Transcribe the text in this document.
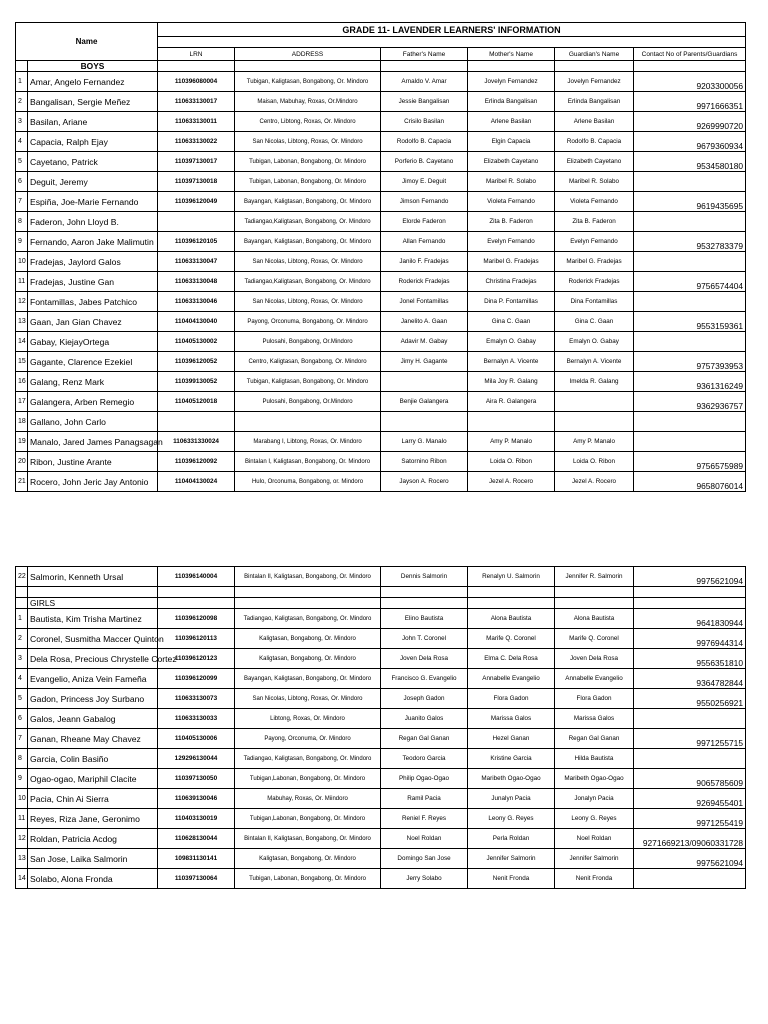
Name		GRADE 11- LAVENDER LEARNERS' INFORMATION					

		LRN	ADDRESS	Father's Name	Mother's Name	Guardian's Name	Contact No of Parents/Guardians
	BOYS						
1	Amar, Angelo Fernandez	110396080004	Tubigan, Kaligtasan, Bongabong, Or. Mindoro	Arnaldo V. Amar	Jovelyn Fernandez	Jovelyn Fernandez	9203300056
2	Bangalisan, Sergie Meñez	110633130017	Maisan, Mabuhay, Roxas, Or.Mindoro	Jessie Bangalisan	Erlinda Bangalisan	Erlinda Bangalisan	9971666351
3	Basilan, Ariane	110633130011	Centro, Libtong, Roxas, Or. Mindoro	Crisilo Basilan	Arlene Basilan	Arlene Basilan	9269990720
4	Capacia, Ralph Ejay	110633130022	San Nicolas, Libtong, Roxas, Or. Mindoro	Rodolfo B. Capacia	Elgin Capacia	Rodolfo B. Capacia	9679360934
5	Cayetano, Patrick	110397130017	Tubigan, Labonan, Bongabong, Or. Mindoro	Porferio B. Cayetano	Elizabeth Cayetano	Elizabeth Cayetano	9534580180
6	Deguit, Jeremy	110397130018	Tubigan, Labonan, Bongabong, Or. Mindoro	Jimoy E. Deguit	Maribel R. Solabo	Maribel R. Solabo	
7	Espiña, Joe-Marie Fernando	110396120049	Bayangan, Kaligtasan, Bongabong, Or. Mindoro	Jimson Fernando	Violeta Fernando	Violeta Fernando	9619435695
8	Faderon, John Lloyd B.		Tadiangao,Kaligtasan, Bongabong, Or. Mindoro	Elorde Faderon	Zita B. Faderon	Zita B. Faderon	
9	Fernando, Aaron Jake Malimutin	110396120105	Bayangan, Kaligtasan, Bongabong, Or. Mindoro	Allan Fernando	Evelyn Fernando	Evelyn Fernando	9532783379
10	Fradejas, Jaylord Galos	110633130047	San Nicolas, Libtong, Roxas, Or. Mindoro	Janilo F. Fradejas	Maribel G. Fradejas	Maribel G. Fradejas	
11	Fradejas, Justine Gan	110633130048	Tadiangao,Kaligtasan, Bongabong, Or. Mindoro	Roderick Fradejas	Christina Fradejas	Roderick Fradejas	9756574404
12	Fontamillas, Jabes Patchico	110633130046	San Nicolas, Libtong, Roxas, Or. Mindoro	Jonel Fontamillas	Dina P. Fontamillas	Dina Fontamillas	
13	Gaan, Jan Gian Chavez	110404130040	Payong, Orconuma, Bongabong, Or. Mindoro	Janelito A. Gaan	Gina C. Gaan	Gina C. Gaan	9553159361
14	Gabay, KiejayOrtega	110405130002	Pulosahi, Bongabong, Or.Mindoro	Adavir M. Gabay	Emalyn O. Gabay	Emalyn O. Gabay	
15	Gagante, Clarence Ezekiel	110396120052	Centro, Kaligtasan, Bongabong, Or. Mindoro	Jimy H. Gagante	Bernalyn A. Vicente	Bernalyn A. Vicente	9757393953
16	Galang, Renz Mark	110399130052	Tubigan, Kaligtasan, Bongabong, Or. Mindoro		Mila Joy R. Galang	Imelda R. Galang	9361316249
17	Galangera, Arben Remegio	110405120018	Pulosahi, Bongabong, Or.Mindoro	Benjie Galangera	Aira R. Galangera		9362936757
18	Gallano, John Carlo						
19	Manalo, Jared James Panagsagan	1106331330024	Marabang I, Libtong, Roxas, Or. Mindoro	Larry G. Manalo	Amy P. Manalo	Amy P. Manalo	
20	Ribon, Justine Arante	110396120092	Bintalan I, Kaligtasan, Bongabong, Or. Mindoro	Satornino Ribon	Loida O. Ribon	Loida O. Ribon	9756575989
21	Rocero, John Jeric Jay Antonio	110404130024	Hulo, Orconuma, Bongabong, or. Mindoro	Jayson A. Rocero	Jezel A. Rocero	Jezel A. Rocero	9658076014
22	Salmorin, Kenneth Ursal	110396140004	Bintalan II, Kaligtasan, Bongabong, Or. Mindoro	Dennis Salmorin	Renalyn U. Salmorin	Jennifer R. Salmorin	9975621094

	GIRLS						
1	Bautista, Kim Trisha Martinez	110396120098	Tadiangao, Kaligtasan, Bongabong, Or. Mindoro	Elino Bautista	Alona Bautista	Alona Bautista	9641830944
2	Coronel, Susmitha Maccer Quinton	110396120113	Kaligtasan, Bongabong, Or. Mindoro	John T. Coronel	Marife Q. Coronel	Marife Q. Coronel	9976944314
3	Dela Rosa, Precious Chrystelle Cortez	110396120123	Kaligtasan, Bongabong, Or. Mindoro	Joven Dela Rosa	Elma C. Dela Rosa	Joven Dela Rosa	9556351810
4	Evangelio, Aniza Vein Fameña	110396120099	Bayangan, Kaligtasan, Bongabong, Or. Mindoro	Francisco G. Evangelio	Annabelle Evangelio	Annabelle Evangelio	9364782844
5	Gadon, Princess Joy Surbano	110633130073	San Nicolas, Libtong, Roxas, Or. Mindoro	Joseph Gadon	Flora Gadon	Flora Gadon	9550256921
6	Galos, Jeann Gabalog	110633130033	Libtong, Roxas, Or. Mindoro	Juanito Galos	Marissa Galos	Marissa Galos	
7	Ganan, Rheane May Chavez	110405130006	Payong, Orconuma, Or. Mindoro	Regan Gal Ganan	Hezel Ganan	Regan Gal Ganan	9971255715
8	Garcia, Colin Basiño	129296130044	Tadiangao, Kaligtasan, Bongabong, Or. Mindoro	Teodoro Garcia	Kristine Garcia	Hilda Bautista	
9	Ogao-ogao, Mariphil Clacite	110397130050	Tubigan,Labonan, Bongabong, Or. Mindoro	Philip Ogao-Ogao	Maribeth Ogao-Ogao	Maribeth Ogao-Ogao	9065785609
10	Pacia, Chin Ai Sierra	110639130046	Mabuhay, Roxas, Or. Miindoro	Ramil Pacia	Junalyn Pacia	Jonalyn Pacia	9269455401
11	Reyes, Riza Jane, Geronimo	110403130019	Tubigan,Labonan, Bongabong, Or. Mindoro	Reniel F. Reyes	Leony G. Reyes	Leony G. Reyes	9971255419
12	Roldan, Patricia Acdog	110628130044	Bintalan II, Kaligtasan, Bongabong, Or. Mindoro	Noel Roldan	Perla Roldan	Noel Roldan	9271669213/09060331728
13	San Jose, Laika Salmorin	109831130141	Kaligtasan, Bongabong, Or. Mindoro	Domingo San Jose	Jennifer Salmorin	Jennifer Salmorin	9975621094
14	Solabo, Alona Fronda	110397130064	Tubigan, Labonan, Bongabong, Or. Mindoro	Jerry Solabo	Nenit Fronda	Nenit Fronda	
